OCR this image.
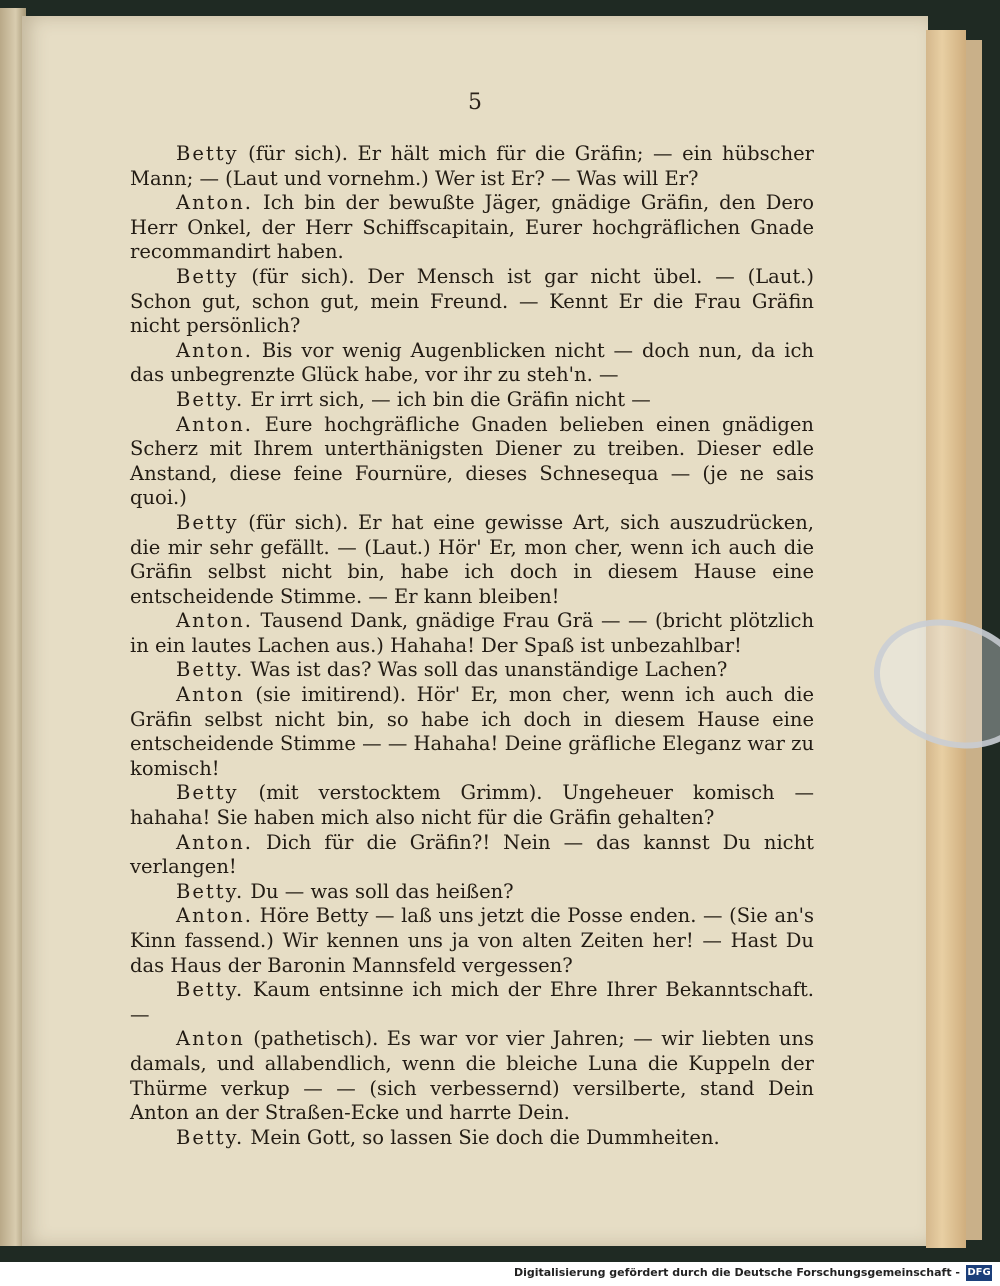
5

Betty (für sich). Er hält mich für die Gräfin; — ein hübscher Mann; — (Laut und vornehm.) Wer ist Er? — Was will Er?

Anton. Ich bin der bewußte Jäger, gnädige Gräfin, den Dero Herr Onkel, der Herr Schiffscapitain, Eurer hochgräflichen Gnade recommandirt haben.

Betty (für sich). Der Mensch ist gar nicht übel. — (Laut.) Schon gut, schon gut, mein Freund. — Kennt Er die Frau Gräfin nicht persönlich?

Anton. Bis vor wenig Augenblicken nicht — doch nun, da ich das unbegrenzte Glück habe, vor ihr zu steh'n. —

Betty. Er irrt sich, — ich bin die Gräfin nicht —

Anton. Eure hochgräfliche Gnaden belieben einen gnädigen Scherz mit Ihrem unterthänigsten Diener zu treiben. Dieser edle Anstand, diese feine Fournüre, dieses Schnesequa — (je ne sais quoi.)

Betty (für sich). Er hat eine gewisse Art, sich auszudrücken, die mir sehr gefällt. — (Laut.) Hör' Er, mon cher, wenn ich auch die Gräfin selbst nicht bin, habe ich doch in diesem Hause eine entscheidende Stimme. — Er kann bleiben!

Anton. Tausend Dank, gnädige Frau Grä — — (bricht plötzlich in ein lautes Lachen aus.) Hahaha! Der Spaß ist unbezahlbar!

Betty. Was ist das? Was soll das unanständige Lachen?

Anton (sie imitirend). Hör' Er, mon cher, wenn ich auch die Gräfin selbst nicht bin, so habe ich doch in diesem Hause eine entscheidende Stimme — — Hahaha! Deine gräfliche Eleganz war zu komisch!

Betty (mit verstocktem Grimm). Ungeheuer komisch — hahaha! Sie haben mich also nicht für die Gräfin gehalten?

Anton. Dich für die Gräfin?! Nein — das kannst Du nicht verlangen!

Betty. Du — was soll das heißen?

Anton. Höre Betty — laß uns jetzt die Posse enden. — (Sie an's Kinn fassend.) Wir kennen uns ja von alten Zeiten her! — Hast Du das Haus der Baronin Mannsfeld vergessen?

Betty. Kaum entsinne ich mich der Ehre Ihrer Bekanntschaft. —

Anton (pathetisch). Es war vor vier Jahren; — wir liebten uns damals, und allabendlich, wenn die bleiche Luna die Kuppeln der Thürme verkup — — (sich verbessernd) versilberte, stand Dein Anton an der Straßen-Ecke und harrte Dein.

Betty. Mein Gott, so lassen Sie doch die Dummheiten.

Digitalisierung gefördert durch die Deutsche Forschungsgemeinschaft - DFG
